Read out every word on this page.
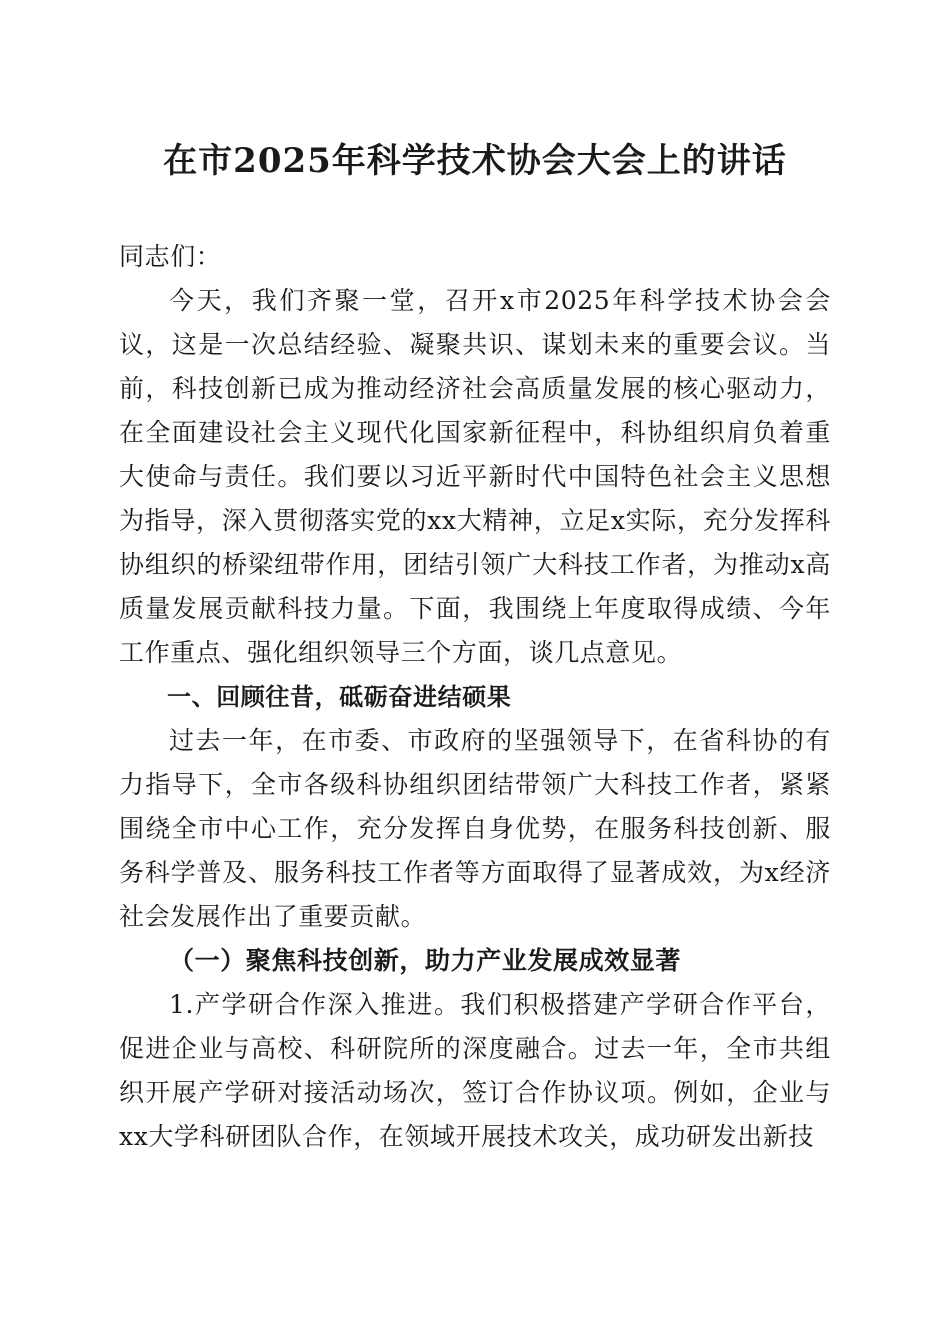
在市2025年科学技术协会大会上的讲话

同志们：

今天，我们齐聚一堂，召开x市2025年科学技术协会会议，这是一次总结经验、凝聚共识、谋划未来的重要会议。当前，科技创新已成为推动经济社会高质量发展的核心驱动力，在全面建设社会主义现代化国家新征程中，科协组织肩负着重大使命与责任。我们要以习近平新时代中国特色社会主义思想为指导，深入贯彻落实党的xx大精神，立足x实际，充分发挥科协组织的桥梁纽带作用，团结引领广大科技工作者，为推动x高质量发展贡献科技力量。下面，我围绕上年度取得成绩、今年工作重点、强化组织领导三个方面，谈几点意见。

一、回顾往昔，砥砺奋进结硕果

过去一年，在市委、市政府的坚强领导下，在省科协的有力指导下，全市各级科协组织团结带领广大科技工作者，紧紧围绕全市中心工作，充分发挥自身优势，在服务科技创新、服务科学普及、服务科技工作者等方面取得了显著成效，为x经济社会发展作出了重要贡献。

（一）聚焦科技创新，助力产业发展成效显著

1.产学研合作深入推进。我们积极搭建产学研合作平台，促进企业与高校、科研院所的深度融合。过去一年，全市共组织开展产学研对接活动场次，签订合作协议项。例如，企业与xx大学科研团队合作，在领域开展技术攻关，成功研发出新技
